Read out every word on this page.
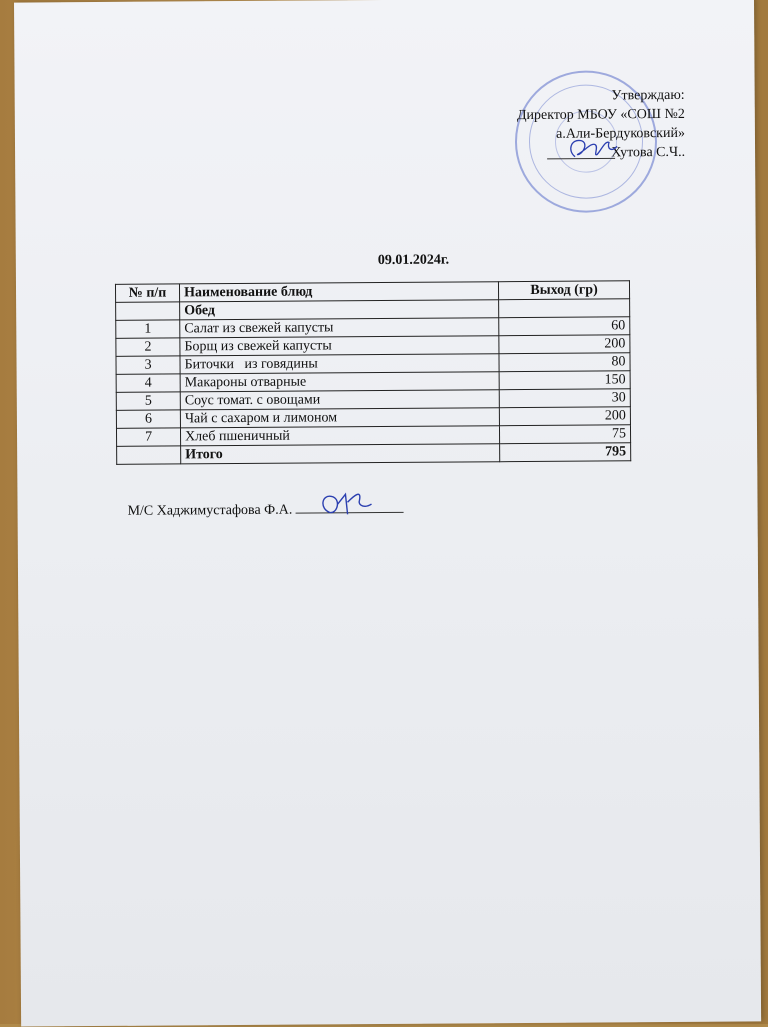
Утверждаю:
Директор МБОУ «СОШ №2
а.Али-Бердуковский»
Хутова С.Ч..
09.01.2024г.
№ п/п	Наименование блюд	Выход (гр)
	Обед	
1	Салат из свежей капусты	60
2	Борщ из свежей капусты	200
3	Биточки   из говядины	80
4	Макароны отварные	150
5	Соус томат. с овощами	30
6	Чай с сахаром и лимоном	200
7	Хлеб пшеничный	75
	Итого	795
М/С Хаджимустафова Ф.А.
